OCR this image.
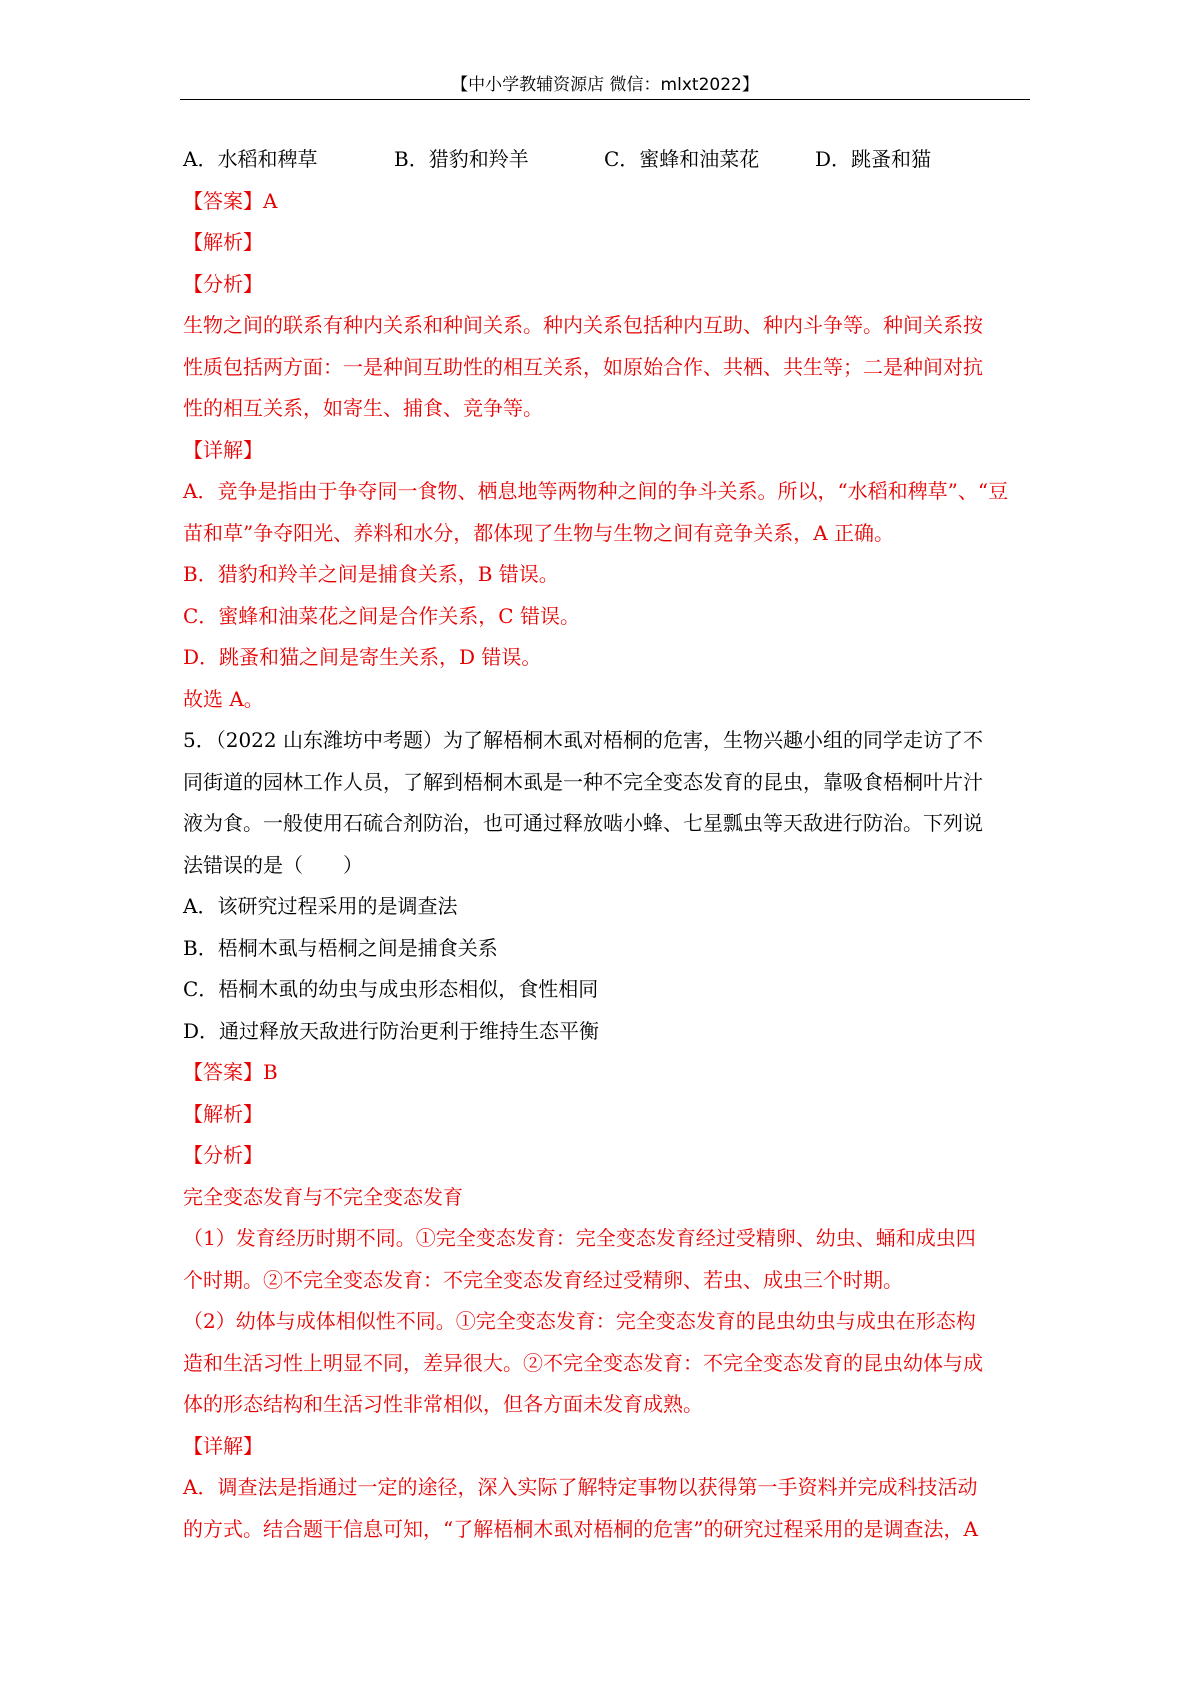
【中小学教辅资源店 微信：mlxt2022】
A．水稻和稗草	B．猎豹和羚羊	C．蜜蜂和油菜花	D．跳蚤和猫
【答案】A
【解析】
【分析】
生物之间的联系有种内关系和种间关系。种内关系包括种内互助、种内斗争等。种间关系按
性质包括两方面：一是种间互助性的相互关系，如原始合作、共栖、共生等；二是种间对抗
性的相互关系，如寄生、捕食、竞争等。
【详解】
A．竞争是指由于争夺同一食物、栖息地等两物种之间的争斗关系。所以，“水稻和稗草”、“豆
苗和草”争夺阳光、养料和水分，都体现了生物与生物之间有竞争关系，A 正确。
B．猎豹和羚羊之间是捕食关系，B 错误。
C．蜜蜂和油菜花之间是合作关系，C 错误。
D．跳蚤和猫之间是寄生关系，D 错误。
故选 A。
5．（2022 山东潍坊中考题）为了解梧桐木虱对梧桐的危害，生物兴趣小组的同学走访了不
同街道的园林工作人员，了解到梧桐木虱是一种不完全变态发育的昆虫，靠吸食梧桐叶片汁
液为食。一般使用石硫合剂防治，也可通过释放啮小蜂、七星瓢虫等天敌进行防治。下列说
法错误的是（　　）
A．该研究过程采用的是调查法
B．梧桐木虱与梧桐之间是捕食关系
C．梧桐木虱的幼虫与成虫形态相似，食性相同
D．通过释放天敌进行防治更利于维持生态平衡
【答案】B
【解析】
【分析】
完全变态发育与不完全变态发育
（1）发育经历时期不同。①完全变态发育：完全变态发育经过受精卵、幼虫、蛹和成虫四
个时期。②不完全变态发育：不完全变态发育经过受精卵、若虫、成虫三个时期。
（2）幼体与成体相似性不同。①完全变态发育：完全变态发育的昆虫幼虫与成虫在形态构
造和生活习性上明显不同，差异很大。②不完全变态发育：不完全变态发育的昆虫幼体与成
体的形态结构和生活习性非常相似，但各方面未发育成熟。
【详解】
A．调查法是指通过一定的途径，深入实际了解特定事物以获得第一手资料并完成科技活动
的方式。结合题干信息可知，“了解梧桐木虱对梧桐的危害”的研究过程采用的是调查法，A
